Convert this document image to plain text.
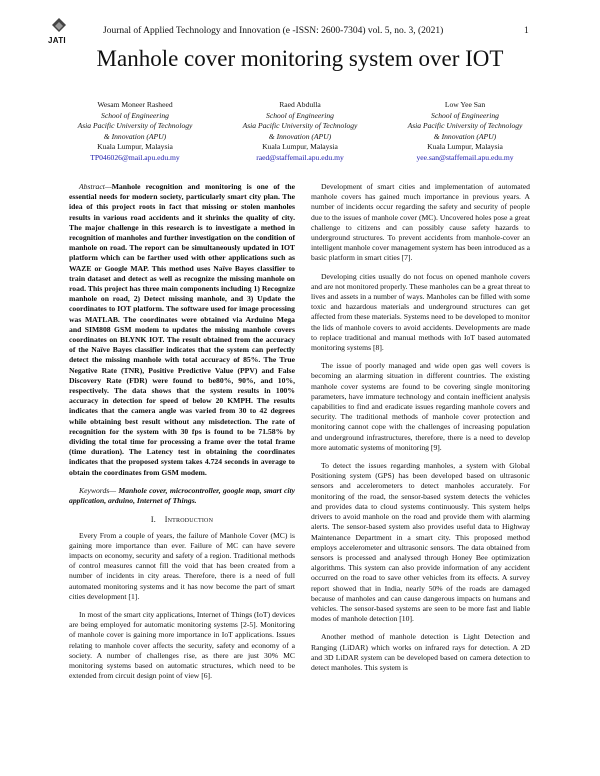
JATI
Journal of Applied Technology and Innovation (e -ISSN: 2600-7304) vol. 5, no. 3, (2021)	1
Manhole cover monitoring system over IOT
Wesam Moneer Rasheed
School of Engineering
Asia Pacific University of Technology
& Innovation (APU)
Kuala Lumpur, Malaysia
TP046026@mail.apu.edu.my
Raed Abdulla
School of Engineering
Asia Pacific University of Technology
& Innovation (APU)
Kuala Lumpur, Malaysia
raed@staffemail.apu.edu.my
Low Yee San
School of Engineering
Asia Pacific University of Technology
& Innovation (APU)
Kuala Lumpur, Malaysia
yee.san@staffemail.apu.edu.my

Abstract—Manhole recognition and monitoring is one of the essential needs for modern society, particularly smart city plan. The idea of this project roots in fact that missing or stolen manholes results in various road accidents and it shrinks the quality of city. The major challenge in this research is to investigate a method in recognition of manholes and further investigation on the condition of manhole on road. The report can be simultaneously updated in IOT platform which can be farther used with other applications such as WAZE or Google MAP. This method uses Naïve Bayes classifier to train dataset and detect as well as recognize the missing manhole on road. This project has three main components including 1) Recognize manhole on road, 2) Detect missing manhole, and 3) Update the coordinates to IOT platform. The software used for image processing was MATLAB. The coordinates were obtained via Arduino Mega and SIM808 GSM modem to updates the missing manhole covers coordinates on BLYNK IOT. The result obtained from the accuracy of the Naïve Bayes classifier indicates that the system can perfectly detect the missing manhole with total accuracy of 85%. The True Negative Rate (TNR), Positive Predictive Value (PPV) and False Discovery Rate (FDR) were found to be80%, 90%, and 10%, respectively. The data shows that the system results in 100% accuracy in detection for speed of below 20 KMPH. The results indicates that the camera angle was varied from 30 to 42 degrees while obtaining best result without any misdetection. The rate of recognition for the system with 30 fps is found to be 71.58% by dividing the total time for processing a frame over the total frame (time duration). The Latency test in obtaining the coordinates indicates that the proposed system takes 4.724 seconds in average to obtain the coordinates from GSM modem.

Keywords— Manhole cover, microcontroller, google map, smart city application, arduino, Internet of Things.

I. Introduction

Every From a couple of years, the failure of Manhole Cover (MC) is gaining more importance than ever. Failure of MC can have severe impacts on economy, security and safety of a region. Traditional methods of control measures cannot fill the void that has been created from a number of incidents in city areas. Therefore, there is a need of full automated monitoring systems and it has now become the part of smart cities development [1].

In most of the smart city applications, Internet of Things (IoT) devices are being employed for automatic monitoring systems [2-5]. Monitoring of manhole cover is gaining more importance in IoT applications. Issues relating to manhole cover affects the security, safety and economy of a society. A number of challenges rise, as there are just 30% MC monitoring systems based on automatic structures, which need to be extended from circuit design point of view [6].

Development of smart cities and implementation of automated manhole covers has gained much importance in previous years. A number of incidents occur regarding the safety and security of people due to the issues of manhole cover (MC). Uncovered holes pose a great challenge to citizens and can possibly cause safety hazards to underground structures. To prevent accidents from manhole-cover an intelligent manhole cover management system has been introduced as a basic platform in smart cities [7].

Developing cities usually do not focus on opened manhole covers and are not monitored properly. These manholes can be a great threat to lives and assets in a number of ways. Manholes can be filled with some toxic and hazardous materials and underground structures can get affected from these materials. Systems need to be developed to monitor the lids of manhole covers to avoid accidents. Developments are made to replace traditional and manual methods with IoT based automated monitoring systems [8].

The issue of poorly managed and wide open gas well covers is becoming an alarming situation in different countries. The existing manhole cover systems are found to be covering single monitoring parameters, have immature technology and contain inefficient analysis capabilities to find and eradicate issues regarding manhole covers and security. The traditional methods of manhole cover protection and monitoring cannot cope with the challenges of increasing population and underground infrastructures, therefore, there is a need to develop more automatic systems of monitoring [9].

To detect the issues regarding manholes, a system with Global Positioning system (GPS) has been developed based on ultrasonic sensors and accelerometers to detect manholes accurately. For monitoring of the road, the sensor-based system detects the vehicles and provides data to cloud systems continuously. This system helps drivers to avoid manhole on the road and provide them with alarming alerts. The sensor-based system also provides useful data to Highway Maintenance Department in a smart city. This proposed method employs accelerometer and ultrasonic sensors. The data obtained from sensors is processed and analysed through Honey Bee optimization algorithms. This system can also provide information of any accident occurred on the road to save other vehicles from its effects. A survey report showed that in India, nearly 50% of the roads are damaged because of manholes and can cause dangerous impacts on humans and vehicles. The sensor-based systems are seen to be more fast and liable modes of manhole detection [10].

Another method of manhole detection is Light Detection and Ranging (LiDAR) which works on infrared rays for detection. A 2D and 3D LiDAR system can be developed based on camera detection to detect manholes. This system is
